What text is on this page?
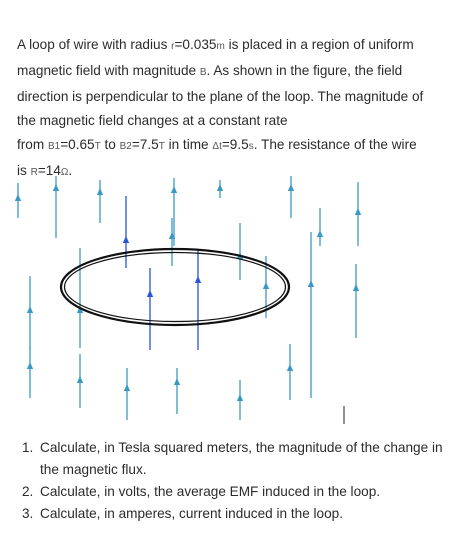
A loop of wire with radius r=0.035m is placed in a region of uniform
magnetic field with magnitude B. As shown in the figure, the field
direction is perpendicular to the plane of the loop. The magnitude of
the magnetic field changes at a constant rate
from B1=0.65T to B2=7.5T in time Δt=9.5s. The resistance of the wire
is R=14Ω.
1. Calculate, in Tesla squared meters, the magnitude of the change in the magnetic flux.
2. Calculate, in volts, the average EMF induced in the loop.
3. Calculate, in amperes, current induced in the loop.
